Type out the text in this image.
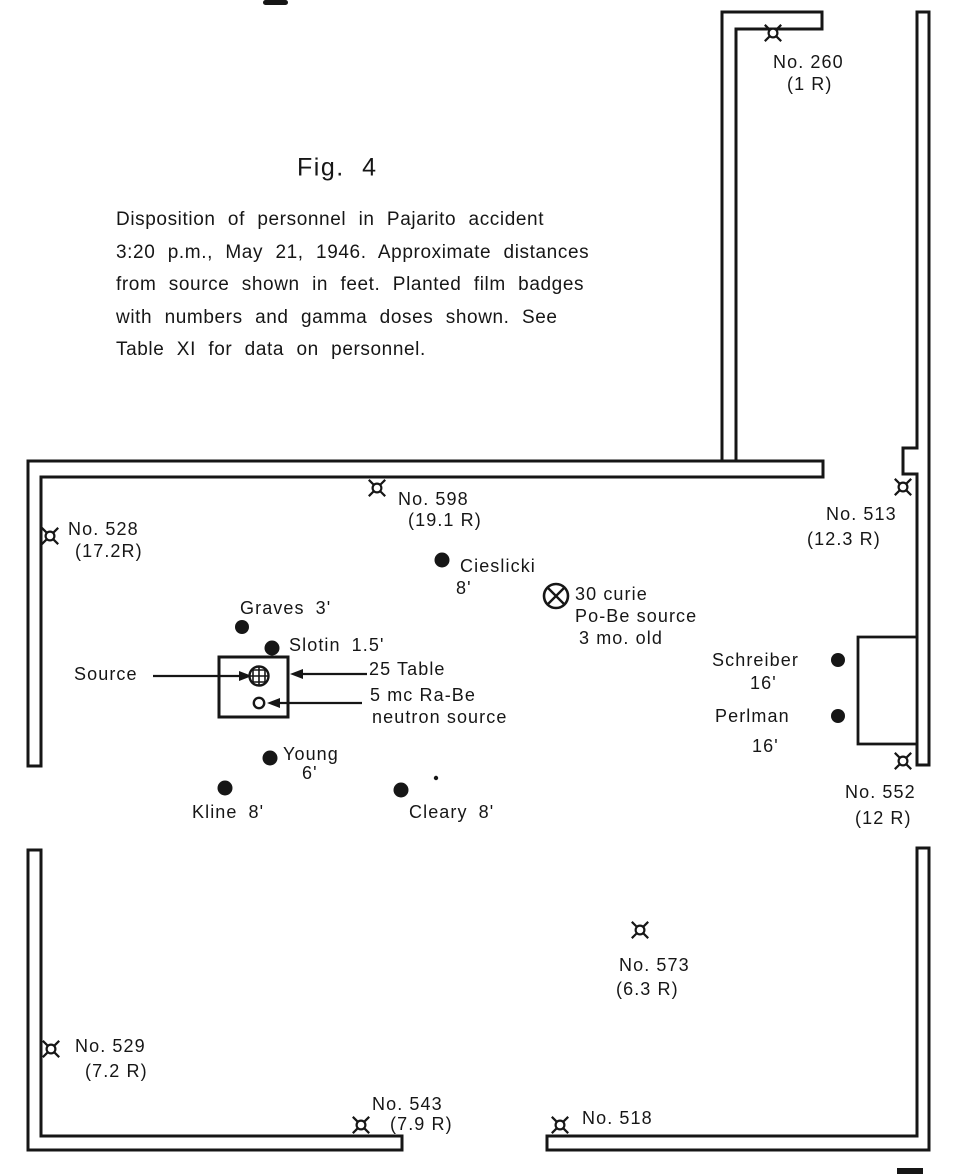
Fig. 4
Disposition of personnel in Pajarito accident
3:20 p.m., May 21, 1946. Approximate distances
from source shown in feet. Planted film badges
with numbers and gamma doses shown. See
Table XI for data on personnel.
No. 260
(1 R)
No. 598
(19.1 R)
No. 528
(17.2R)
No. 513
(12.3 R)
No. 552
(12 R)
No. 573
(6.3 R)
No. 529
(7.2 R)
No. 543
(7.9 R)	No. 518
Cieslicki
8'
Graves 3'
Slotin 1.5'
Young
6'
Kline 8'	Cleary 8'
Schreiber
16'
Perlman
16'
Source	25 Table
5 mc Ra-Be
neutron source
30 curie
Po-Be source
3 mo. old
